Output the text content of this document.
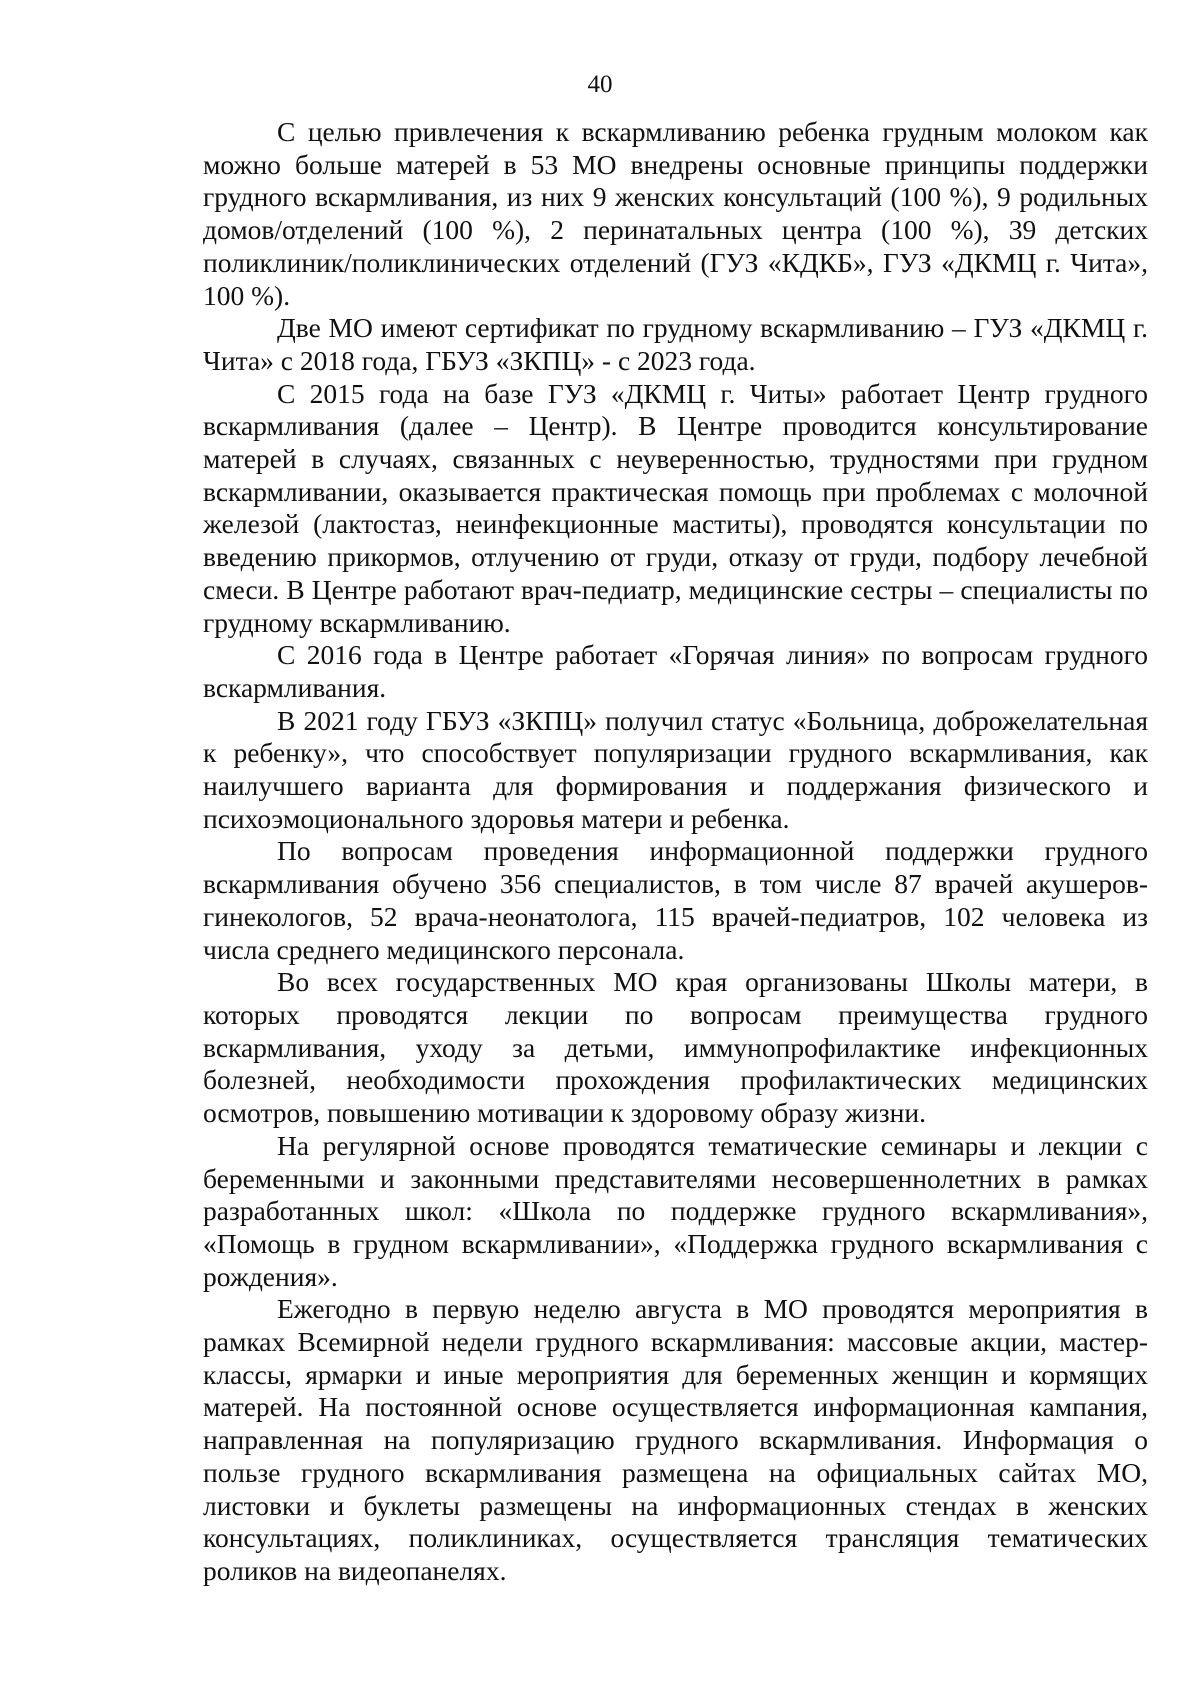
40

С целью привлечения к вскармливанию ребенка грудным молоком как можно больше матерей в 53 МО внедрены основные принципы поддержки грудного вскармливания, из них 9 женских консультаций (100 %), 9 родильных домов/отделений (100 %), 2 перинатальных центра (100 %), 39 детских поликлиник/поликлинических отделений (ГУЗ «КДКБ», ГУЗ «ДКМЦ г. Чита», 100 %).

Две МО имеют сертификат по грудному вскармливанию – ГУЗ «ДКМЦ г. Чита» с 2018 года, ГБУЗ «ЗКПЦ» - с 2023 года.

С 2015 года на базе ГУЗ «ДКМЦ г. Читы» работает Центр грудного вскармливания (далее – Центр). В Центре проводится консультирование матерей в случаях, связанных с неуверенностью, трудностями при грудном вскармливании, оказывается практическая помощь при проблемах с молочной железой (лактостаз, неинфекционные маститы), проводятся консультации по введению прикормов, отлучению от груди, отказу от груди, подбору лечебной смеси. В Центре работают врач-педиатр, медицинские сестры – специалисты по грудному вскармливанию.

С 2016 года в Центре работает «Горячая линия» по вопросам грудного вскармливания.

В 2021 году ГБУЗ «ЗКПЦ» получил статус «Больница, доброжелательная к ребенку», что способствует популяризации грудного вскармливания, как наилучшего варианта для формирования и поддержания физического и психоэмоционального здоровья матери и ребенка.

По вопросам проведения информационной поддержки грудного вскармливания обучено 356 специалистов, в том числе 87 врачей акушеров-гинекологов, 52 врача-неонатолога, 115 врачей-педиатров, 102 человека из числа среднего медицинского персонала.

Во всех государственных МО края организованы Школы матери, в которых проводятся лекции по вопросам преимущества грудного вскармливания, уходу за детьми, иммунопрофилактике инфекционных болезней, необходимости прохождения профилактических медицинских осмотров, повышению мотивации к здоровому образу жизни.

На регулярной основе проводятся тематические семинары и лекции с беременными и законными представителями несовершеннолетних в рамках разработанных школ: «Школа по поддержке грудного вскармливания», «Помощь в грудном вскармливании», «Поддержка грудного вскармливания с рождения».

Ежегодно в первую неделю августа в МО проводятся мероприятия в рамках Всемирной недели грудного вскармливания: массовые акции, мастер-классы, ярмарки и иные мероприятия для беременных женщин и кормящих матерей. На постоянной основе осуществляется информационная кампания, направленная на популяризацию грудного вскармливания. Информация о пользе грудного вскармливания размещена на официальных сайтах МО, листовки и буклеты размещены на информационных стендах в женских консультациях, поликлиниках, осуществляется трансляция тематических роликов на видеопанелях.
